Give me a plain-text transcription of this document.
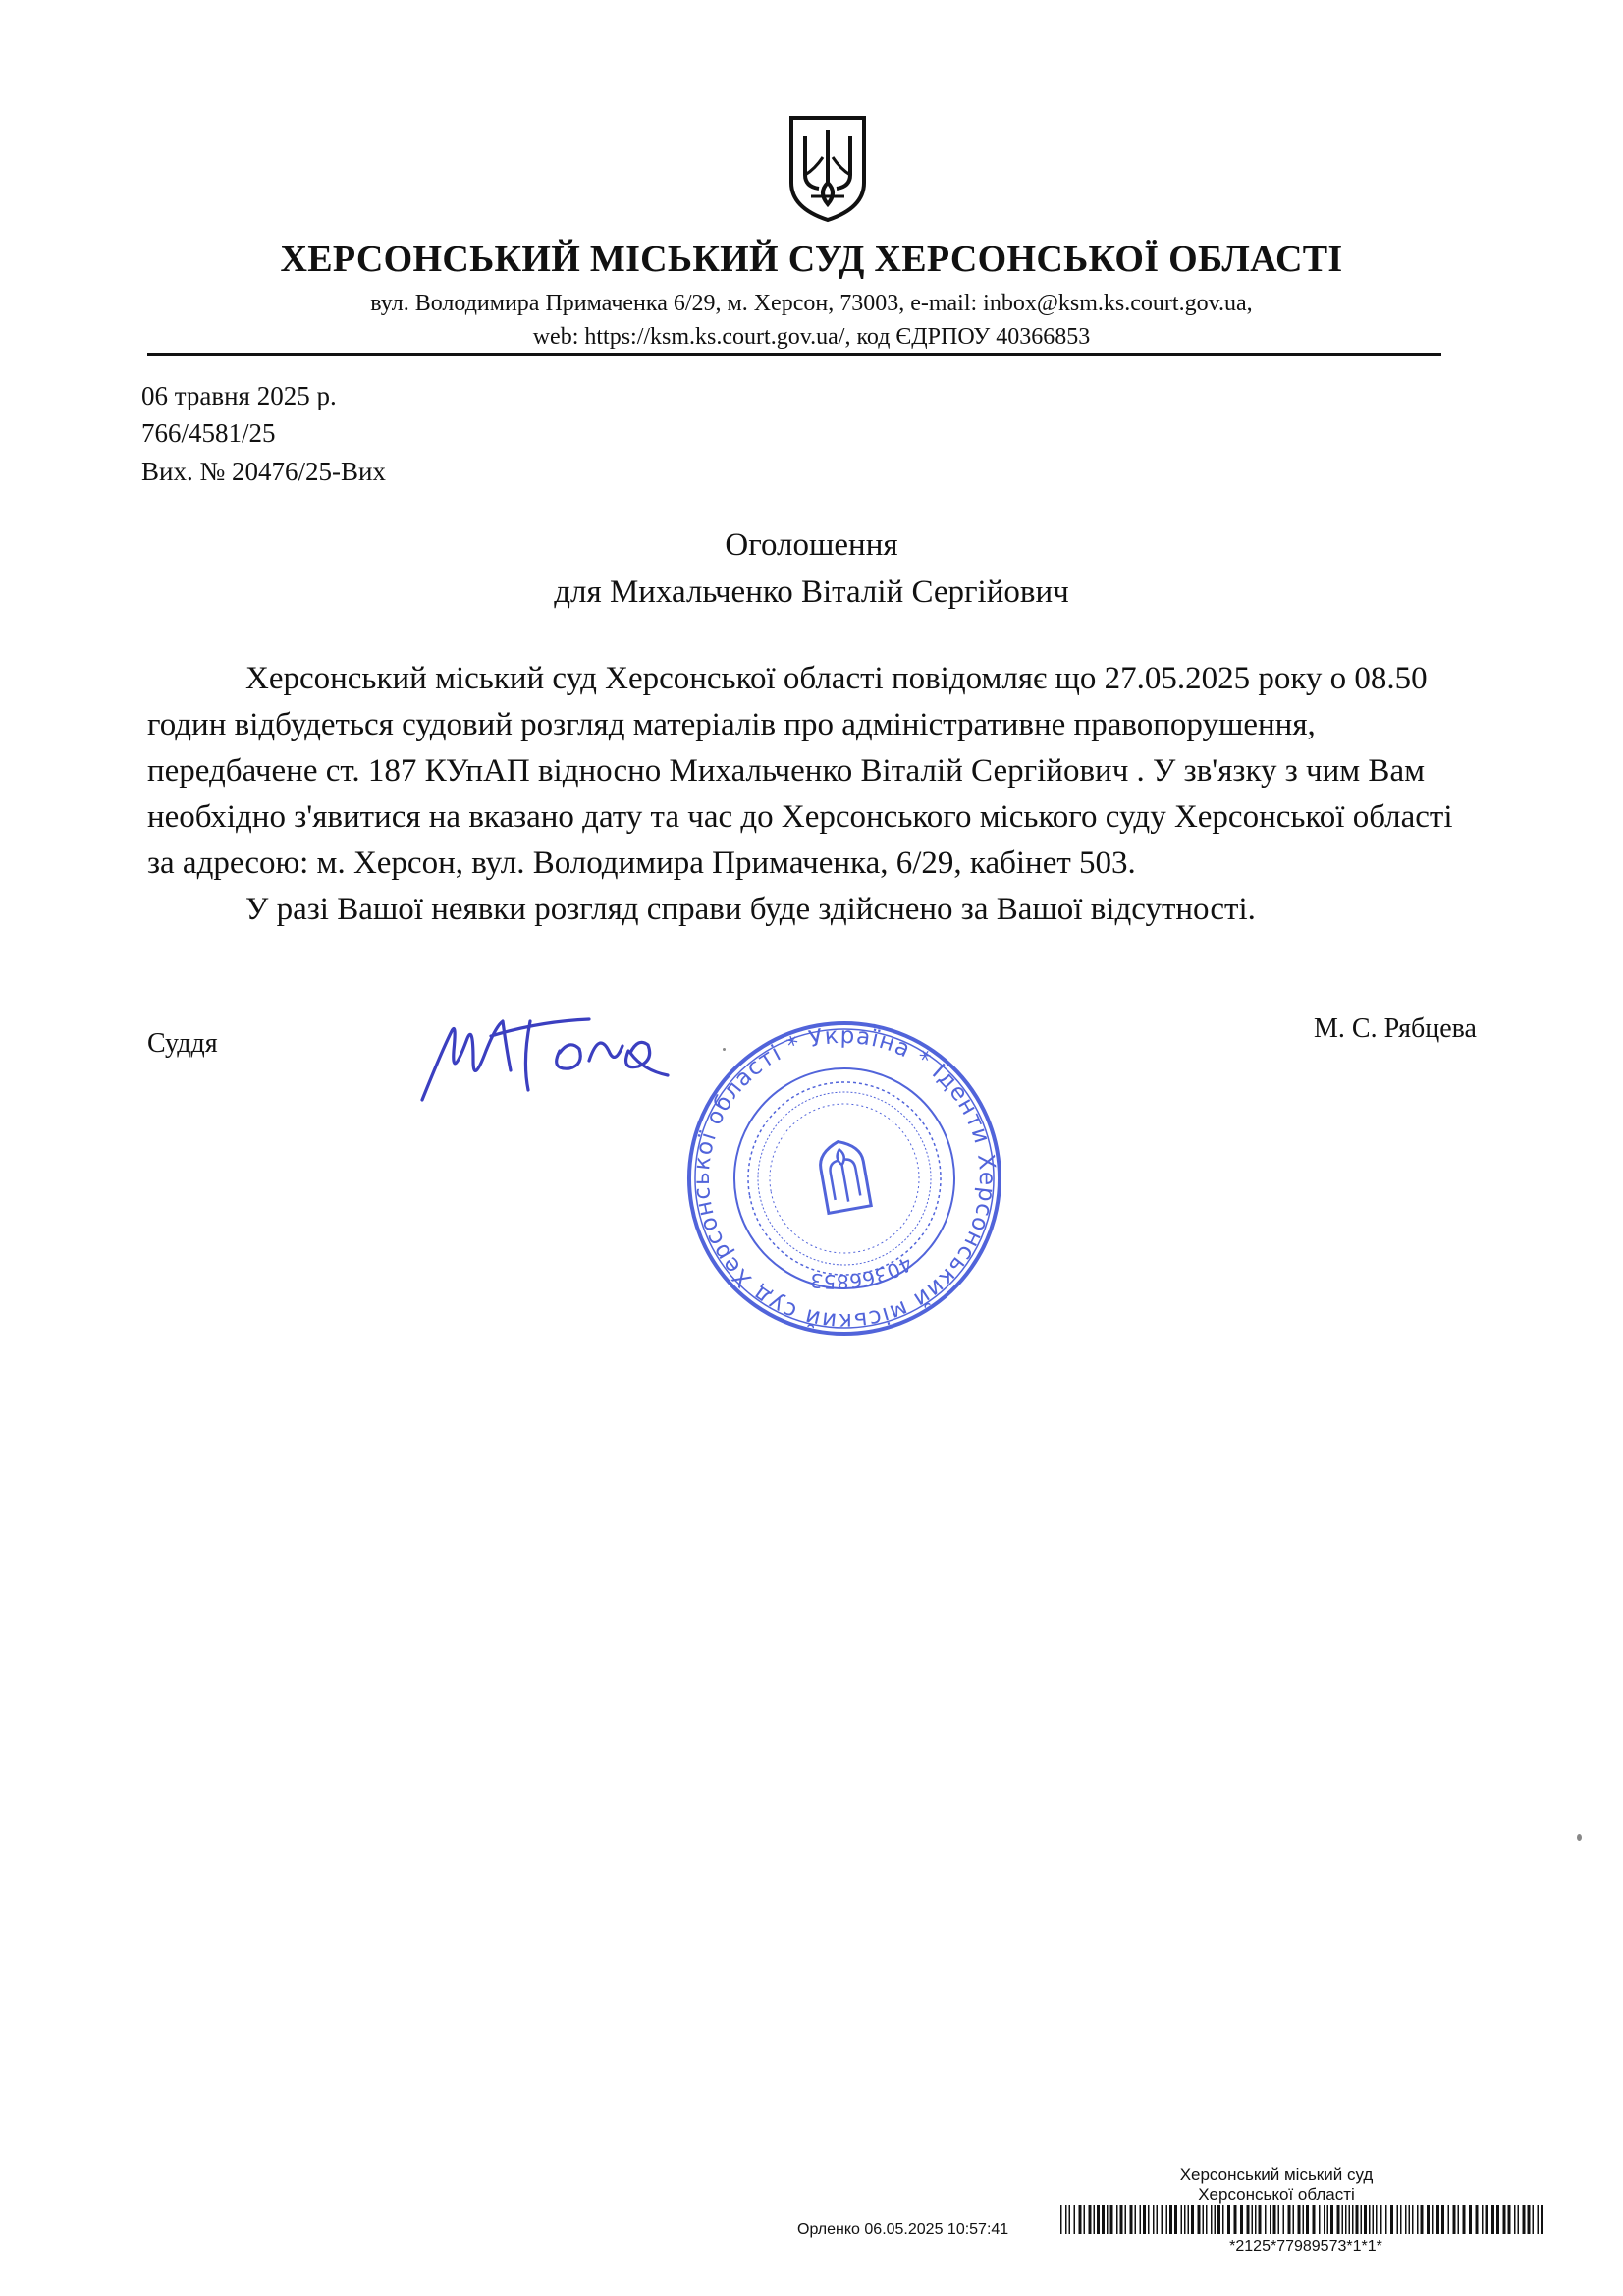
ХЕРСОНСЬКИЙ МІСЬКИЙ СУД ХЕРСОНСЬКОЇ ОБЛАСТІ
вул. Володимира Примаченка 6/29, м. Херсон, 73003, e-mail: inbox@ksm.ks.court.gov.ua,
web: https://ksm.ks.court.gov.ua/, код ЄДРПОУ 40366853
06 травня 2025 р.
766/4581/25
Вих. № 20476/25-Вих
Оголошення
для Михальченко Віталій Сергійович

Херсонський міський суд Херсонської області повідомляє що 27.05.2025 року о 08.50 годин відбудеться судовий розгляд матеріалів про адміністративне правопорушення, передбачене ст. 187 КУпАП відносно Михальченко Віталій Сергійович . У зв'язку з чим Вам необхідно з'явитися на вказано дату та час до Херсонського міського суду Херсонської області за адресою: м. Херсон, вул. Володимира Примаченка, 6/29, кабінет 503.

У разі Вашої неявки розгляд справи буде здійснено за Вашої відсутності.

Суддя	М. С. Рябцева
Херсонський міський суд Херсонської області * Україна * Ідентифікаційний
40366853
Херсонський міський суд
Херсонської області
Орленко 06.05.2025 10:57:41
*2125*77989573*1*1*
